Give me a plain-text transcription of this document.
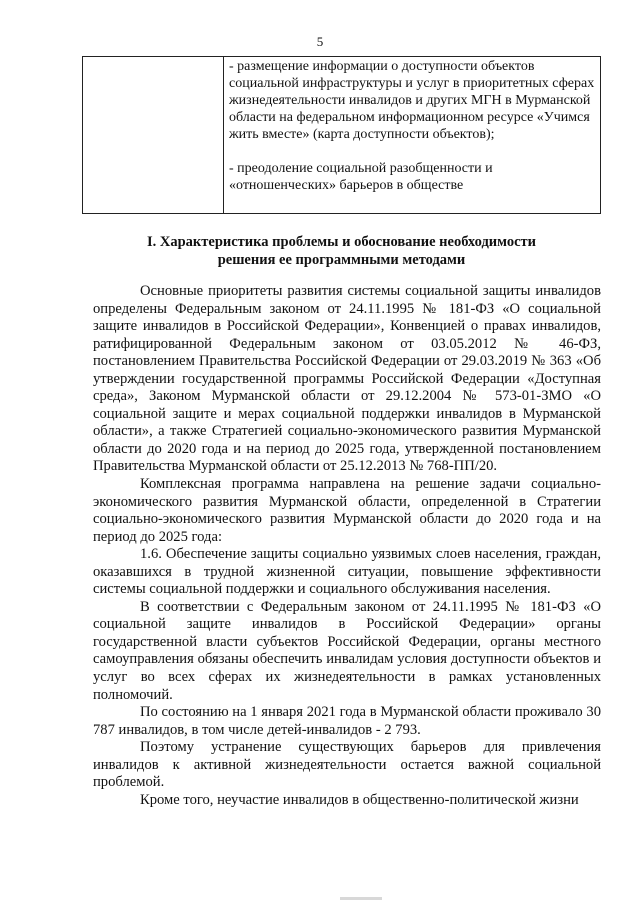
5

- размещение информации о доступности объектов социальной инфраструктуры и услуг в приоритетных сферах жизнедеятельности инвалидов и других МГН в Мурманской области на федеральном информационном ресурсе «Учимся жить вместе» (карта доступности объектов);

- преодоление социальной разобщенности и «отношенческих» барьеров в обществе

I. Характеристика проблемы и обоснование необходимости
решения ее программными методами

Основные приоритеты развития системы социальной защиты инвалидов определены Федеральным законом от 24.11.1995 № 181-ФЗ «О социальной защите инвалидов в Российской Федерации», Конвенцией о правах инвалидов, ратифицированной Федеральным законом от 03.05.2012 № 46-ФЗ, постановлением Правительства Российской Федерации от 29.03.2019 № 363 «Об утверждении государственной программы Российской Федерации «Доступная среда», Законом Мурманской области от 29.12.2004 № 573-01-ЗМО «О социальной защите и мерах социальной поддержки инвалидов в Мурманской области», а также Стратегией социально-экономического развития Мурманской области до 2020 года и на период до 2025 года, утвержденной постановлением Правительства Мурманской области от 25.12.2013 № 768-ПП/20.

Комплексная программа направлена на решение задачи социально-экономического развития Мурманской области, определенной в Стратегии социально-экономического развития Мурманской области до 2020 года и на период до 2025 года:

1.6. Обеспечение защиты социально уязвимых слоев населения, граждан, оказавшихся в трудной жизненной ситуации, повышение эффективности системы социальной поддержки и социального обслуживания населения.

В соответствии с Федеральным законом от 24.11.1995 № 181-ФЗ «О социальной защите инвалидов в Российской Федерации» органы государственной власти субъектов Российской Федерации, органы местного самоуправления обязаны обеспечить инвалидам условия доступности объектов и услуг во всех сферах их жизнедеятельности в рамках установленных полномочий.

По состоянию на 1 января 2021 года в Мурманской области проживало 30 787 инвалидов, в том числе детей-инвалидов - 2 793.

Поэтому устранение существующих барьеров для привлечения инвалидов к активной жизнедеятельности остается важной социальной проблемой.

Кроме того, неучастие инвалидов в общественно-политической жизни
